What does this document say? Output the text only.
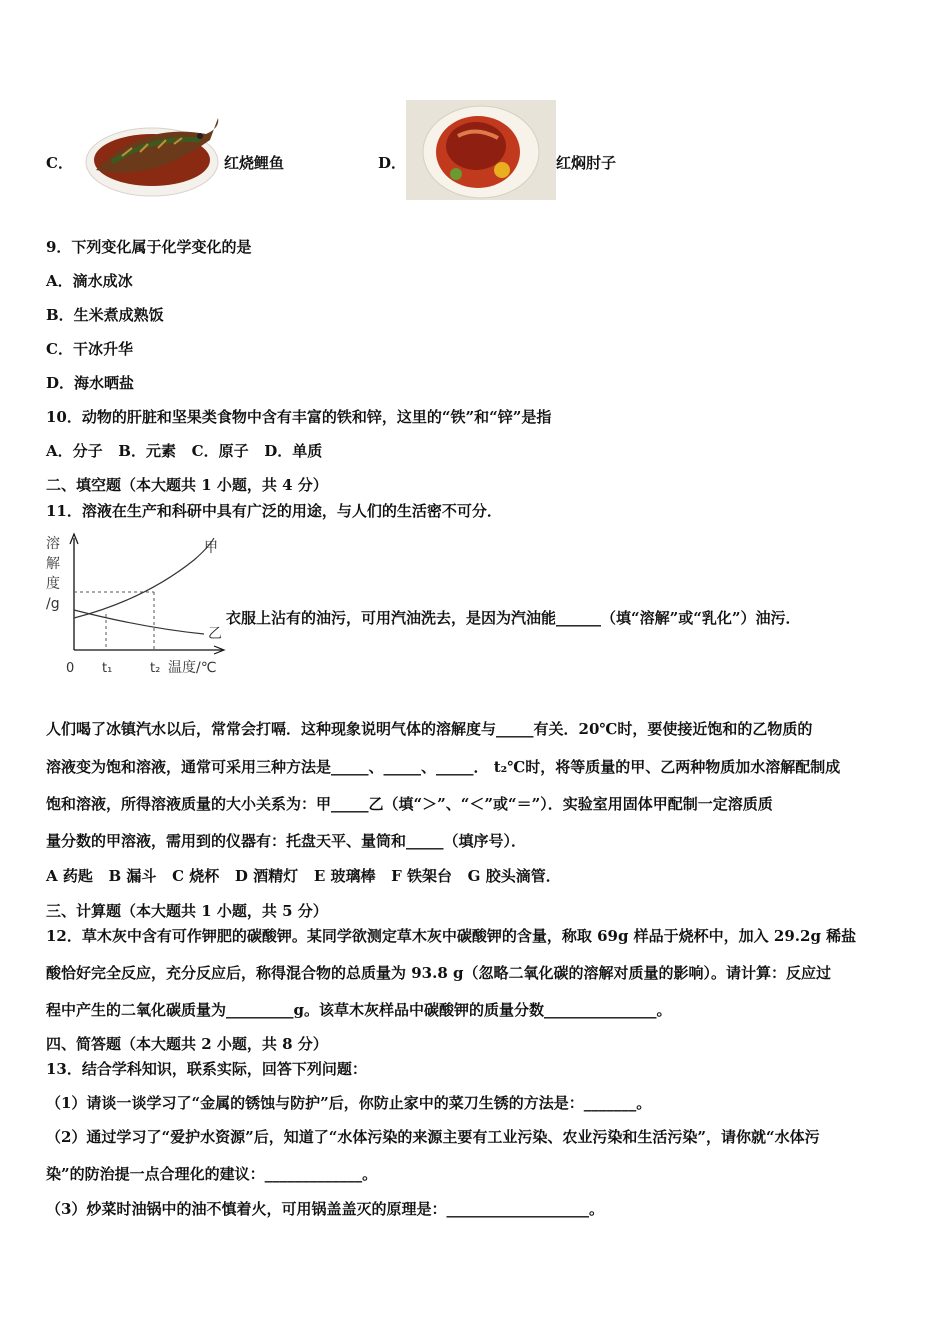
C．	红烧鲤鱼	D．	红焖肘子
9．下列变化属于化学变化的是
A．滴水成冰
B．生米煮成熟饭
C．干冰升华
D．海水晒盐
10．动物的肝脏和坚果类食物中含有丰富的铁和锌，这里的“铁”和“锌”是指
A．分子   B．元素   C．原子   D．单质
二、填空题（本大题共 1 小题，共 4 分）
11．溶液在生产和科研中具有广泛的用途，与人们的生活密不可分．
溶
解
度
/g
甲
乙
0 t₁	t₂ 温度/℃
衣服上沾有的油污，可用汽油洗去，是因为汽油能______（填“溶解”或“乳化”）油污．
人们喝了冰镇汽水以后，常常会打嗝．这种现象说明气体的溶解度与_____有关．20℃时，要使接近饱和的乙物质的
溶液变为饱和溶液，通常可采用三种方法是_____、_____、_____． t₂℃时，将等质量的甲、乙两种物质加水溶解配制成
饱和溶液，所得溶液质量的大小关系为：甲_____乙（填“＞”、“＜”或“＝”）．实验室用固体甲配制一定溶质质
量分数的甲溶液，需用到的仪器有：托盘天平、量筒和_____（填序号）．
A 药匙   B 漏斗   C 烧杯   D 酒精灯   E 玻璃棒   F 铁架台   G 胶头滴管．
三、计算题（本大题共 1 小题，共 5 分）
12．草木灰中含有可作钾肥的碳酸钾。某同学欲测定草木灰中碳酸钾的含量，称取 69g 样品于烧杯中，加入 29.2g 稀盐
酸恰好完全反应，充分反应后，称得混合物的总质量为 93.8 g（忽略二氧化碳的溶解对质量的影响）。请计算：反应过
程中产生的二氧化碳质量为_________g。该草木灰样品中碳酸钾的质量分数_______________。
四、简答题（本大题共 2 小题，共 8 分）
13．结合学科知识，联系实际，回答下列问题：
（1）请谈一谈学习了“金属的锈蚀与防护”后，你防止家中的菜刀生锈的方法是：_______。
（2）通过学习了“爱护水资源”后，知道了“水体污染的来源主要有工业污染、农业污染和生活污染”，请你就“水体污
染”的防治提一点合理化的建议：_____________。
（3）炒菜时油锅中的油不慎着火，可用锅盖盖灭的原理是：___________________。
